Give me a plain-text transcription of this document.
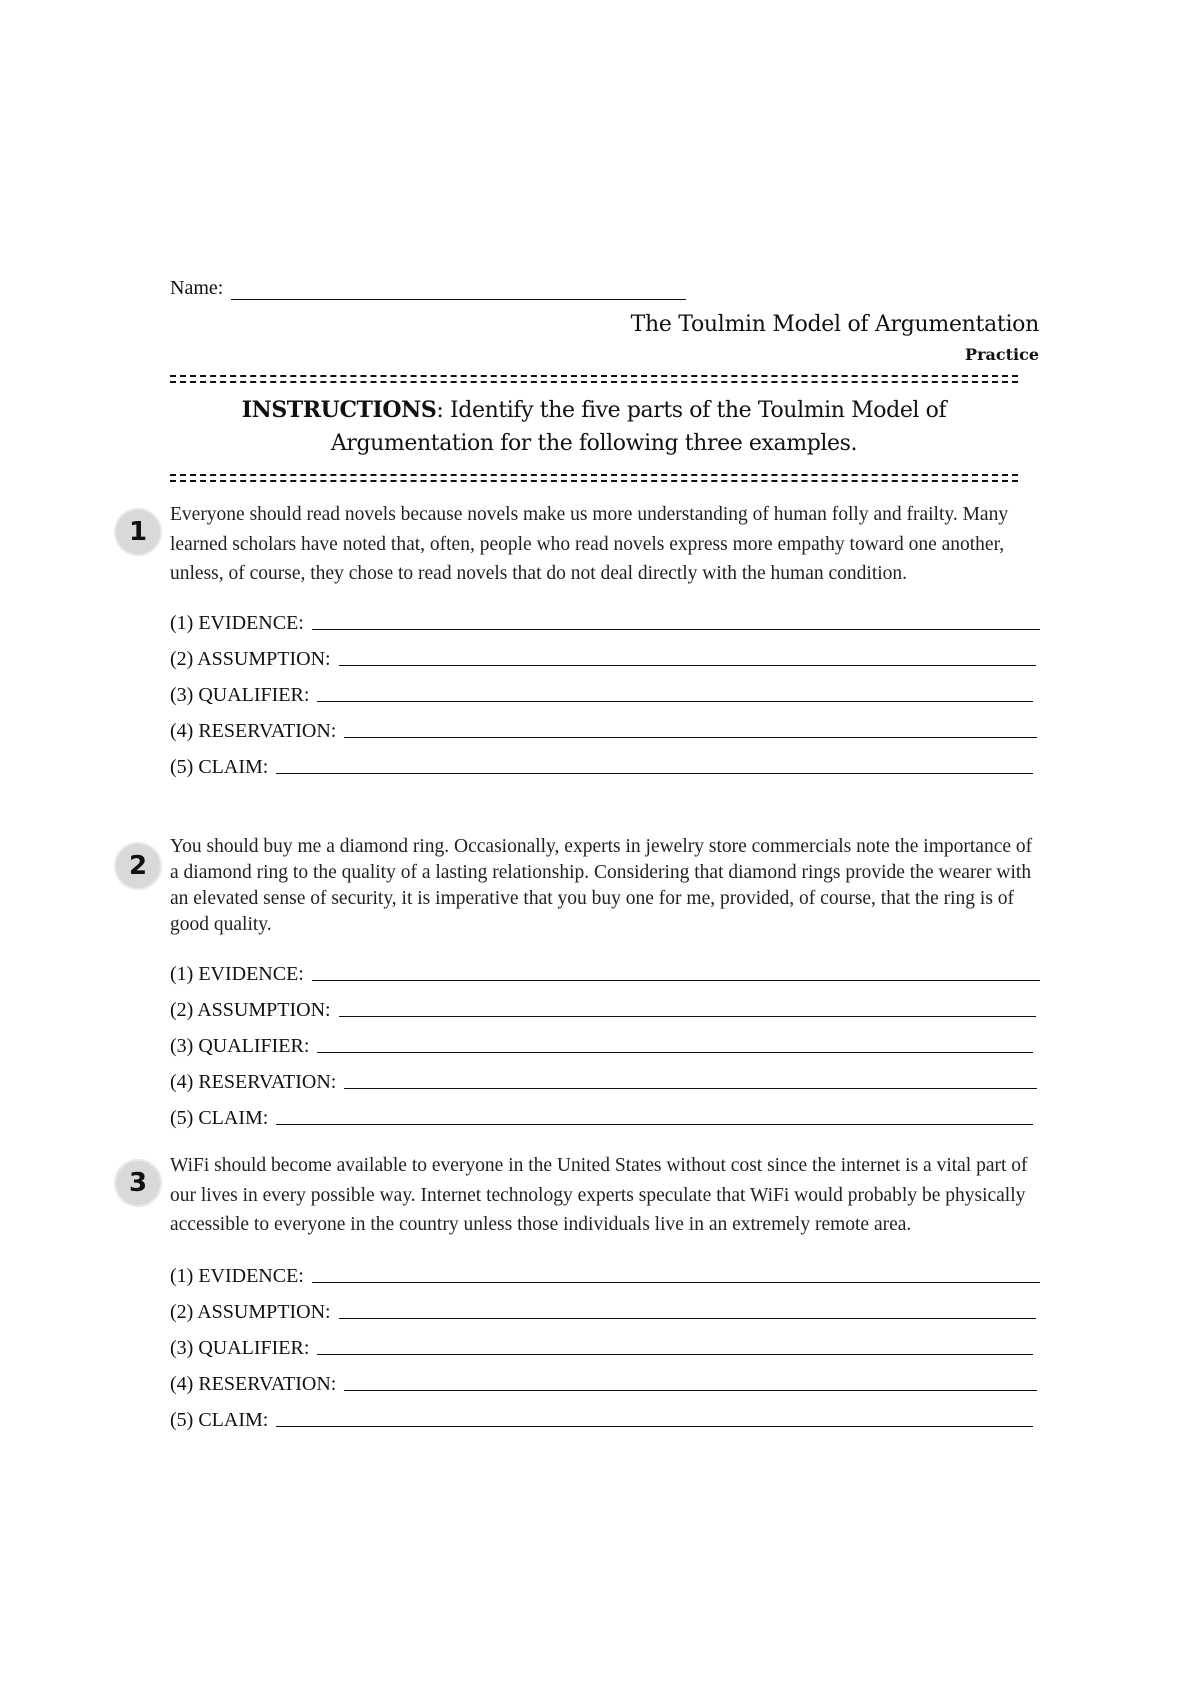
Name:
The Toulmin Model of Argumentation
Practice
INSTRUCTIONS: Identify the five parts of the Toulmin Model of
Argumentation for the following three examples.
1

Everyone should read novels because novels make us more understanding of human folly and frailty. Many learned scholars have noted that, often, people who read novels express more empathy toward one another, unless, of course, they chose to read novels that do not deal directly with the human condition.

(1) EVIDENCE:
(2) ASSUMPTION:
(3) QUALIFIER:
(4) RESERVATION:
(5) CLAIM:
2

You should buy me a diamond ring. Occasionally, experts in jewelry store commercials note the importance of a diamond ring to the quality of a lasting relationship. Considering that diamond rings provide the wearer with an elevated sense of security, it is imperative that you buy one for me, provided, of course, that the ring is of good quality.

(1) EVIDENCE:
(2) ASSUMPTION:
(3) QUALIFIER:
(4) RESERVATION:
(5) CLAIM:
3

WiFi should become available to everyone in the United States without cost since the internet is a vital part of our lives in every possible way. Internet technology experts speculate that WiFi would probably be physically accessible to everyone in the country unless those individuals live in an extremely remote area.

(1) EVIDENCE:
(2) ASSUMPTION:
(3) QUALIFIER:
(4) RESERVATION:
(5) CLAIM:
